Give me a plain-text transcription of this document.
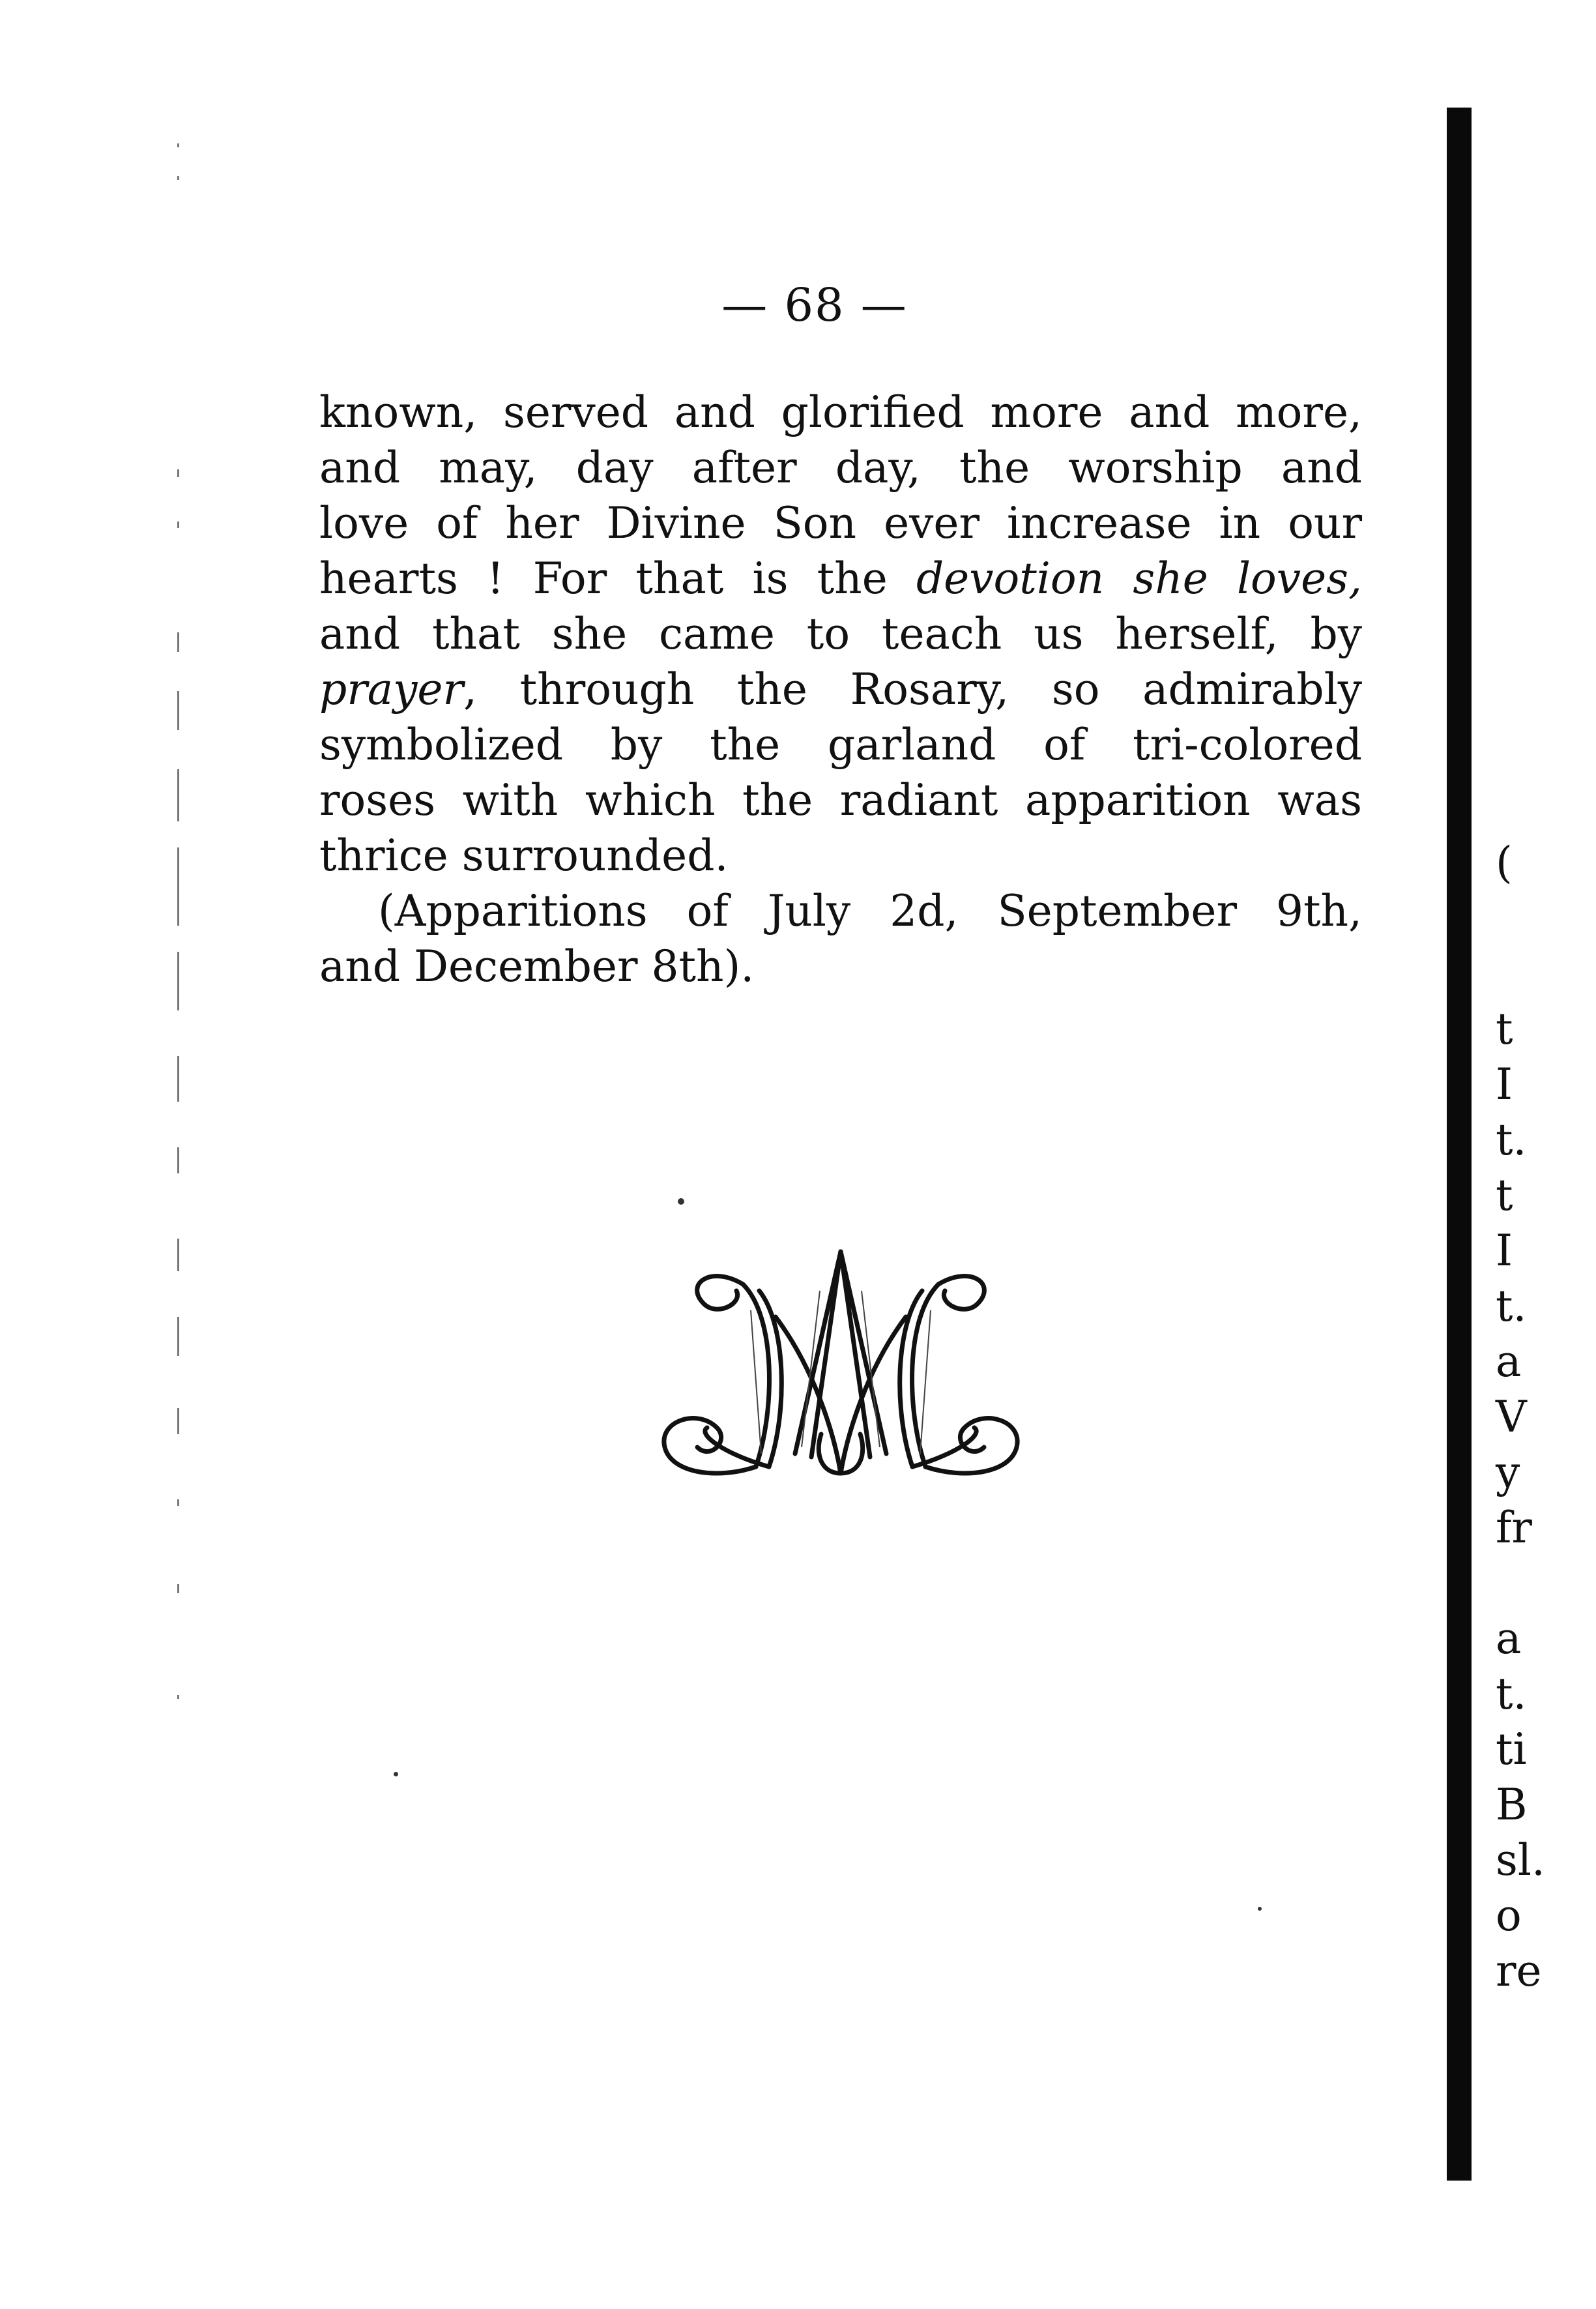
— 68 —
known, served and glorified more and more,
and may, day after day, the worship and
love of her Divine Son ever increase in our
hearts ! For that is the devotion she loves,
and that she came to teach us herself, by
prayer, through the Rosary, so admirably
symbolized by the garland of tri-colored
roses with which the radiant apparition was
thrice surrounded.
(Apparitions of July 2d, September 9th,
and December 8th).
(
t
I
t.
t
I
t.
a
V
y
fr
a
t.
ti
B
sl.
o
re
